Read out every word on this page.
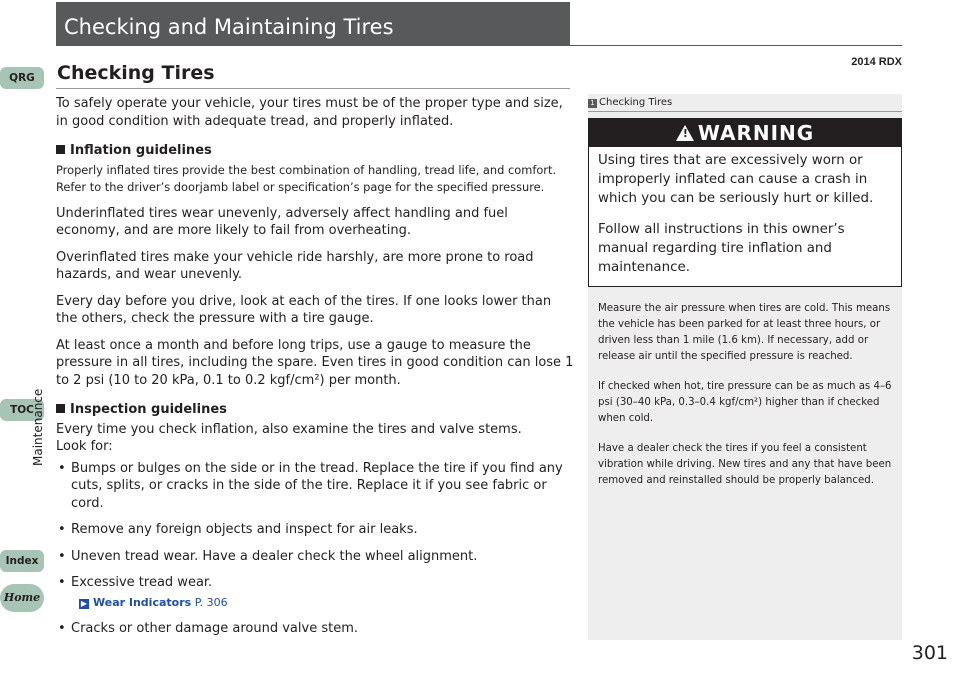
Checking and Maintaining Tires
2014 RDX
Checking Tires

To safely operate your vehicle, your tires must be of the proper type and size, in good condition with adequate tread, and properly inflated.

Inflation guidelines

Properly inflated tires provide the best combination of handling, tread life, and comfort. Refer to the driver’s doorjamb label or specification’s page for the specified pressure.

Underinflated tires wear unevenly, adversely affect handling and fuel economy, and are more likely to fail from overheating.

Overinflated tires make your vehicle ride harshly, are more prone to road hazards, and wear unevenly.

Every day before you drive, look at each of the tires. If one looks lower than the others, check the pressure with a tire gauge.

At least once a month and before long trips, use a gauge to measure the pressure in all tires, including the spare. Even tires in good condition can lose 1 to 2 psi (10 to 20 kPa, 0.1 to 0.2 kgf/cm²) per month.

Inspection guidelines

Every time you check inflation, also examine the tires and valve stems.

Look for:

• Bumps or bulges on the side or in the tread. Replace the tire if you find any cuts, splits, or cracks in the side of the tire. Replace it if you see fabric or cord.
• Remove any foreign objects and inspect for air leaks.
• Uneven tread wear. Have a dealer check the wheel alignment.
• Excessive tread wear.
▶ Wear Indicators P. 306
• Cracks or other damage around valve stem.
1 Checking Tires
! WARNING

Using tires that are excessively worn or improperly inflated can cause a crash in which you can be seriously hurt or killed.

Follow all instructions in this owner’s manual regarding tire inflation and maintenance.

Measure the air pressure when tires are cold. This means the vehicle has been parked for at least three hours, or driven less than 1 mile (1.6 km). If necessary, add or release air until the specified pressure is reached.

If checked when hot, tire pressure can be as much as 4–6 psi (30–40 kPa, 0.3–0.4 kgf/cm²) higher than if checked when cold.

Have a dealer check the tires if you feel a consistent vibration while driving. New tires and any that have been removed and reinstalled should be properly balanced.

QRG
TOC
Maintenance
Index
Home
301
